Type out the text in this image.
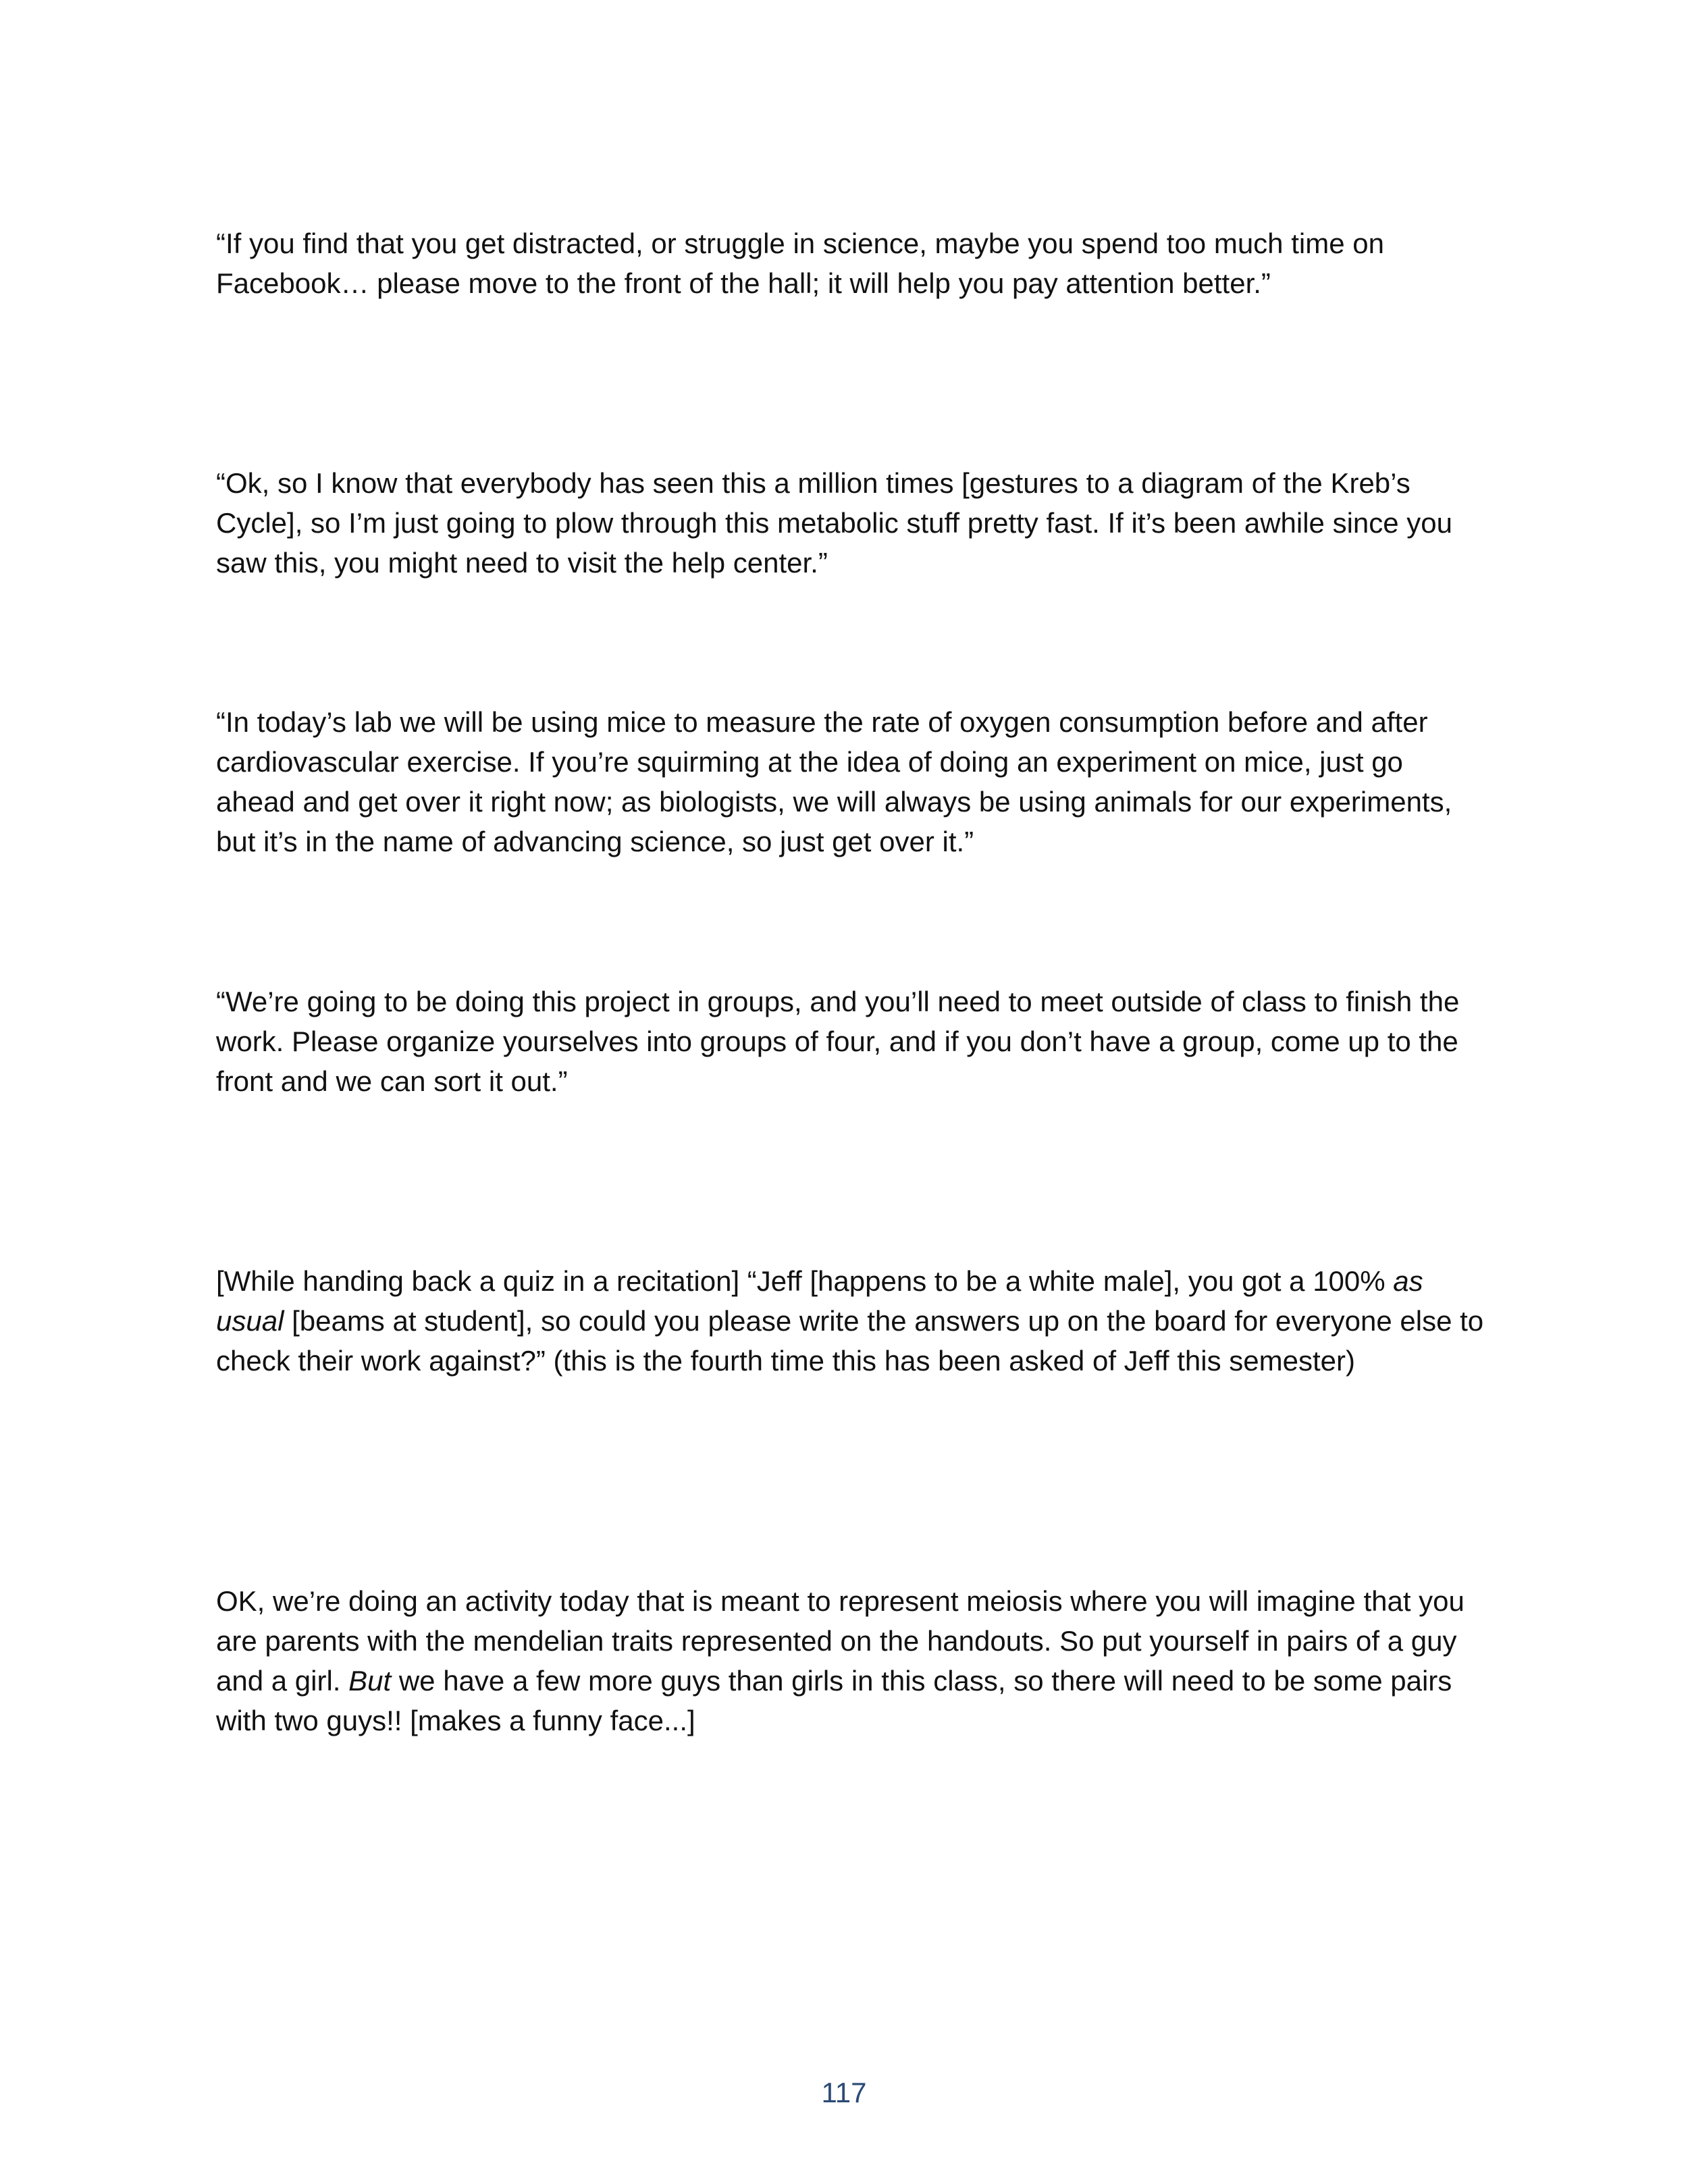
“If you find that you get distracted, or struggle in science, maybe you spend too much time on Facebook… please move to the front of the hall; it will help you pay attention better.”

“Ok, so I know that everybody has seen this a million times [gestures to a diagram of the Kreb’s Cycle], so I’m just going to plow through this metabolic stuff pretty fast. If it’s been awhile since you saw this, you might need to visit the help center.”

“In today’s lab we will be using mice to measure the rate of oxygen consumption before and after cardiovascular exercise. If you’re squirming at the idea of doing an experiment on mice, just go ahead and get over it right now; as biologists, we will always be using animals for our experiments, but it’s in the name of advancing science, so just get over it.”

“We’re going to be doing this project in groups, and you’ll need to meet outside of class to finish the work. Please organize yourselves into groups of four, and if you don’t have a group, come up to the front and we can sort it out.”

[While handing back a quiz in a recitation] “Jeff [happens to be a white male], you got a 100% as usual [beams at student], so could you please write the answers up on the board for everyone else to check their work against?” (this is the fourth time this has been asked of Jeff this semester)

OK, we’re doing an activity today that is meant to represent meiosis where you will imagine that you are parents with the mendelian traits represented on the handouts. So put yourself in pairs of a guy and a girl. But we have a few more guys than girls in this class, so there will need to be some pairs with two guys!! [makes a funny face...]

117
